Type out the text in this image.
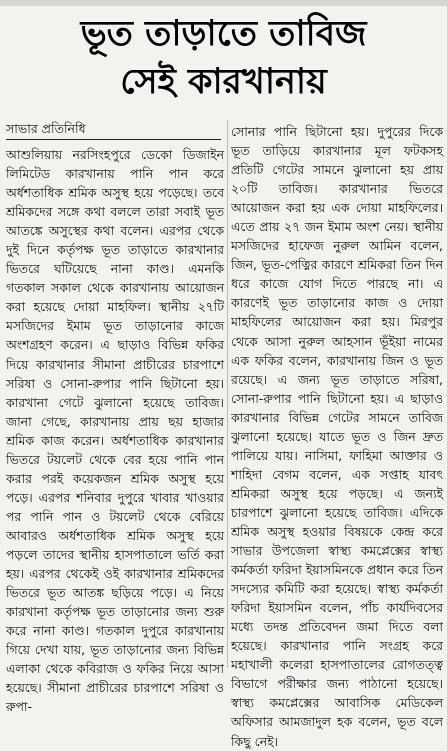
ভূত তাড়াতে তাবিজ
সেই কারখানায়
সাভার প্রতিনিধি

আশুলিয়ায় নরসিংহপুরে ডেকো ডিজাইন লিমিটেড কারখানায় পানি পান করে অর্ধশতাধিক শ্রমিক অসুস্থ হয়ে পড়েছে। তবে শ্রমিকদের সঙ্গে কথা বললে তারা সবাই ভূত আতঙ্কে অসুস্থের কথা বলেন। এরপর থেকে দুই দিনে কর্তৃপক্ষ ভূত তাড়াতে কারখানার ভিতরে ঘটিয়েছে নানা কাণ্ড। এমনকি গতকাল সকাল থেকে কারখানায় আয়োজন করা হয়েছে দোয়া মাহফিল। স্থানীয় ২৭টি মসজিদের ইমাম ভূত তাড়ানোর কাজে অংশগ্রহণ করেন। এ ছাড়াও বিভিন্ন ফকির দিয়ে কারখানার সীমানা প্রাচীরের চারপাশে সরিষা ও সোনা-রুপার পানি ছিটানো হয়। কারখানা গেটে ঝুলানো হয়েছে তাবিজ। জানা গেছে, কারখানায় প্রায় ছয় হাজার শ্রমিক কাজ করেন। অর্ধশতাধিক কারখানার ভিতরে টয়লেট থেকে বের হয়ে পানি পান করার পরই কয়েকজন শ্রমিক অসুস্থ হয়ে পড়ে। এরপর শনিবার দুপুরে খাবার খাওয়ার পর পানি পান ও টয়লেট থেকে বেরিয়ে আবারও অর্ধশতাধিক শ্রমিক অসুস্থ হয়ে পড়লে তাদের স্থানীয় হাসপাতালে ভর্তি করা হয়। এরপর থেকেই ওই কারখানার শ্রমিকদের ভিতরে ভূত আতঙ্ক ছড়িয়ে পড়ে। এ নিয়ে কারখানা কর্তৃপক্ষ ভূত তাড়ানোর জন্য শুরু করে নানা কাণ্ড। গতকাল দুপুরে কারখানায় গিয়ে দেখা যায়, ভূত তাড়ানোর জন্য বিভিন্ন এলাকা থেকে কবিরাজ ও ফকির নিয়ে আসা হয়েছে। সীমানা প্রাচীরের চারপাশে সরিষা ও রুপা-

সোনার পানি ছিটানো হয়। দুপুরের দিকে ভূত তাড়িয়ে কারখানার মূল ফটকসহ প্রতিটি গেটের সামনে ঝুলানো হয় প্রায় ২০টি তাবিজ। কারখানার ভিতরে আয়োজন করা হয় এক দোয়া মাহফিলের। এতে প্রায় ২৭ জন ইমাম অংশ নেয়। স্থানীয় মসজিদের হাফেজ নুরুল আমিন বলেন, জিন, ভূত-পেত্নির কারণে শ্রমিকরা তিন দিন ধরে কাজে যোগ দিতে পারছে না। এ কারণেই ভূত তাড়ানোর কাজ ও দোয়া মাহফিলের আয়োজন করা হয়। মিরপুর থেকে আসা নুরুল আহসান ভূঁইয়া নামের এক ফকির বলেন, কারখানায় জিন ও ভূত রয়েছে। এ জন্য ভূত তাড়াতে সরিষা, সোনা-রুপার পানি ছিটানো হয়। এ ছাড়াও কারখানার বিভিন্ন গেটের সামনে তাবিজ ঝুলানো হয়েছে। যাতে ভূত ও জিন দ্রুত পালিয়ে যায়। নাসিমা, ফাহিমা আক্তার ও শাহিদা বেগম বলেন, এক সপ্তাহ যাবৎ শ্রমিকরা অসুস্থ হয়ে পড়ছে। এ জন্যই চারপাশে ঝুলানো হয়েছে তাবিজ। এদিকে শ্রমিক অসুস্থ হওয়ার বিষয়কে কেন্দ্র করে সাভার উপজেলা স্বাস্থ্য কমপ্লেক্সের স্বাস্থ্য কর্মকর্তা ফরিদা ইয়াসমিনকে প্রধান করে তিন সদস্যের কমিটি করা হয়েছে। স্বাস্থ্য কর্মকর্তা ফরিদা ইয়াসমিন বলেন, পাঁচ কার্যদিবসের মধ্যে তদন্ত প্রতিবেদন জমা দিতে বলা হয়েছে। কারখানার পানি সংগ্রহ করে মহাখালী কলেরা হাসপাতালের রোগতত্ত্ব বিভাগে পরীক্ষার জন্য পাঠানো হয়েছে। স্বাস্থ্য কমপ্লেক্সের আবাসিক মেডিকেল অফিসার আমজাদুল হক বলেন, ভূত বলে কিছু নেই।
